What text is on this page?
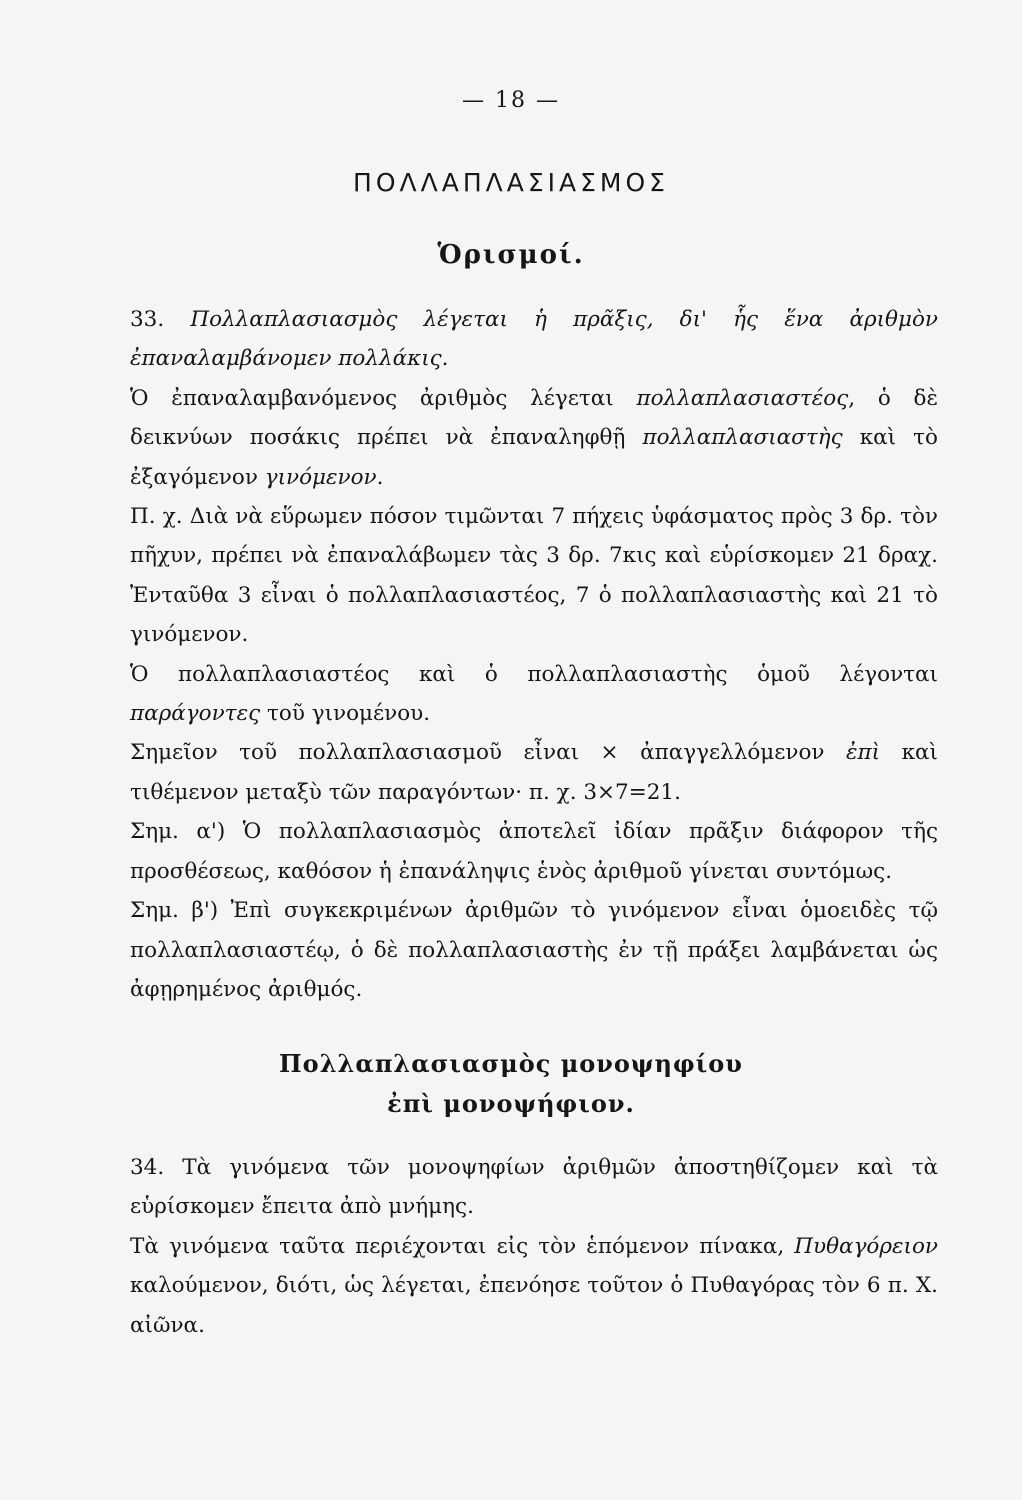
— 18 —
ΠΟΛΛΑΠΛΑΣΙΑΣΜΟΣ
Ὁρισμοί.

33. Πολλαπλασιασμὸς λέγεται ἡ πρᾶξις, δι' ἧς ἕνα ἀριθμὸν ἐπαναλαμβάνομεν πολλάκις.

Ὁ ἐπαναλαμβανόμενος ἀριθμὸς λέγεται πολλαπλασιαστέος, ὁ δὲ δεικνύων ποσάκις πρέπει νὰ ἐπαναληφθῇ πολλαπλασιαστὴς καὶ τὸ ἐξαγόμενον γινόμενον.

Π. χ. Διὰ νὰ εὕρωμεν πόσον τιμῶνται 7 πήχεις ὑφάσματος πρὸς 3 δρ. τὸν πῆχυν, πρέπει νὰ ἐπαναλάβωμεν τὰς 3 δρ. 7κις καὶ εὑρίσκομεν 21 δραχ. Ἐνταῦθα 3 εἶναι ὁ πολλαπλασιαστέος, 7 ὁ πολλαπλασιαστὴς καὶ 21 τὸ γινόμενον.

Ὁ πολλαπλασιαστέος καὶ ὁ πολλαπλασιαστὴς ὁμοῦ λέγονται παράγοντες τοῦ γινομένου.

Σημεῖον τοῦ πολλαπλασιασμοῦ εἶναι × ἀπαγγελλόμενον ἐπὶ καὶ τιθέμενον μεταξὺ τῶν παραγόντων· π. χ. 3×7=21.

Σημ. α') Ὁ πολλαπλασιασμὸς ἀποτελεῖ ἰδίαν πρᾶξιν διάφορον τῆς προσθέσεως, καθόσον ἡ ἐπανάληψις ἑνὸς ἀριθμοῦ γίνεται συντόμως.

Σημ. β') Ἐπὶ συγκεκριμένων ἀριθμῶν τὸ γινόμενον εἶναι ὁμοειδὲς τῷ πολλαπλασιαστέῳ, ὁ δὲ πολλαπλασιαστὴς ἐν τῇ πράξει λαμβάνεται ὡς ἀφῃρημένος ἀριθμός.

Πολλαπλασιασμὸς μονοψηφίου
ἐπὶ μονοψήφιον.

34. Τὰ γινόμενα τῶν μονοψηφίων ἀριθμῶν ἀποστηθίζομεν καὶ τὰ εὑρίσκομεν ἔπειτα ἀπὸ μνήμης.

Τὰ γινόμενα ταῦτα περιέχονται εἰς τὸν ἑπόμενον πίνακα, Πυθαγόρειον καλούμενον, διότι, ὡς λέγεται, ἐπενόησε τοῦτον ὁ Πυθαγόρας τὸν 6 π. Χ. αἰῶνα.
